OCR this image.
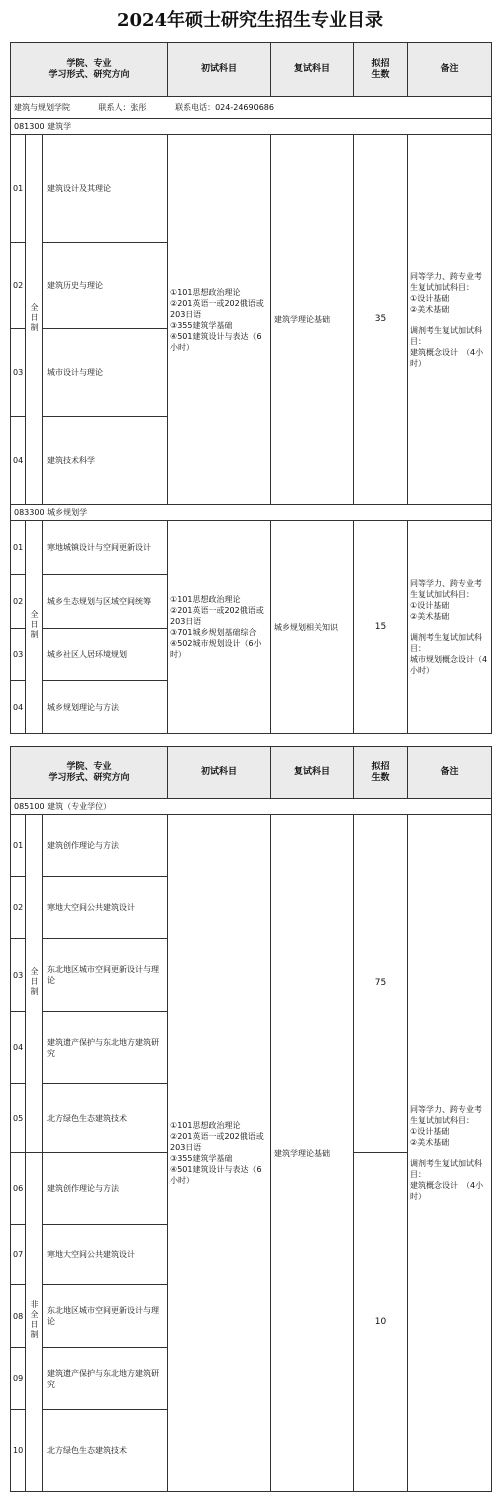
2024年硕士研究生招生专业目录
学院、专业
学习形式、研究方向			初试科目	复试科目	拟招
生数	备注
建筑与规划学院 联系人：张彤 联系电话：024-24690686						
081300 建筑学						
01	全日制	建筑设计及其理论	①101思想政治理论
②201英语一或202俄语或203日语
③355建筑学基础
④501建筑设计与表达（6小时）	建筑学理论基础	35	同等学力、跨专业考生复试加试科目：
①设计基础
②美术基础
调剂考生复试加试科目：
建筑概念设计　（4小时）

02		建筑历史与理论				
03		城市设计与理论				
04		建筑技术科学				
083300 城乡规划学						
01	全日制	寒地城镇设计与空间更新设计	①101思想政治理论
②201英语一或202俄语或203日语
③701城乡规划基础综合
④502城市规划设计（6小时）	城乡规划相关知识	15	同等学力、跨专业考生复试加试科目：
①设计基础
②美术基础
调剂考生复试加试科目：
城市规划概念设计（4小时）

02		城乡生态规划与区域空间统筹				
03		城乡社区人居环境规划				
04		城乡规划理论与方法				
学院、专业
学习形式、研究方向			初试科目	复试科目	拟招
生数	备注
085100 建筑（专业学位）						
01	全日制	建筑创作理论与方法	①101思想政治理论
②201英语一或202俄语或203日语
③355建筑学基础
④501建筑设计与表达（6小时）	建筑学理论基础	75	同等学力、跨专业考生复试加试科目：
①设计基础
②美术基础
调剂考生复试加试科目：
建筑概念设计　（4小时）

02		寒地大空间公共建筑设计				
03		东北地区城市空间更新设计与理论				
04		建筑遗产保护与东北地方建筑研究				
05		北方绿色生态建筑技术				
06	非全日制	建筑创作理论与方法			10	
07		寒地大空间公共建筑设计				
08		东北地区城市空间更新设计与理论				
09		建筑遗产保护与东北地方建筑研究				
10		北方绿色生态建筑技术				
